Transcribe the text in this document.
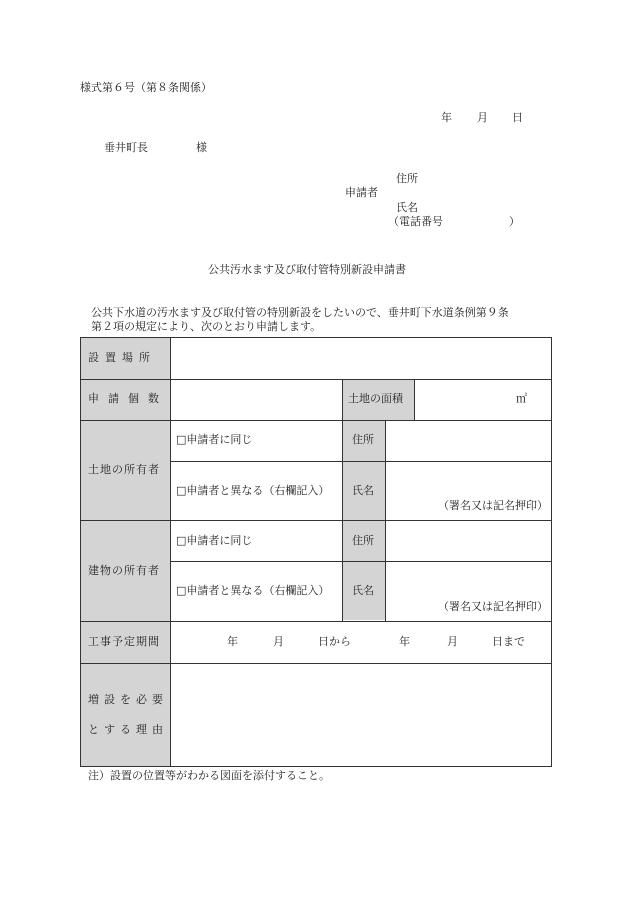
様式第６号（第８条関係）
年 月 日
垂井町長	様
住所
申請者
氏名
（電話番号	）
公共汚水ます及び取付管特別新設申請書
公共下水道の汚水ます及び取付管の特別新設をしたいので、垂井町下水道条例第９条
第２項の規定により、次のとおり申請します。
設置場所
申請個数	土地の面積	㎡
土地の所有者
□申請者に同じ	住所
□申請者と異なる（右欄記入） 氏名
（署名又は記名押印）
建物の所有者
□申請者に同じ	住所
□申請者と異なる（右欄記入） 氏名
（署名又は記名押印）
工事予定期間	年	月	日から	年	月	日まで
増設を必要
とする理由
注）設置の位置等がわかる図面を添付すること。
